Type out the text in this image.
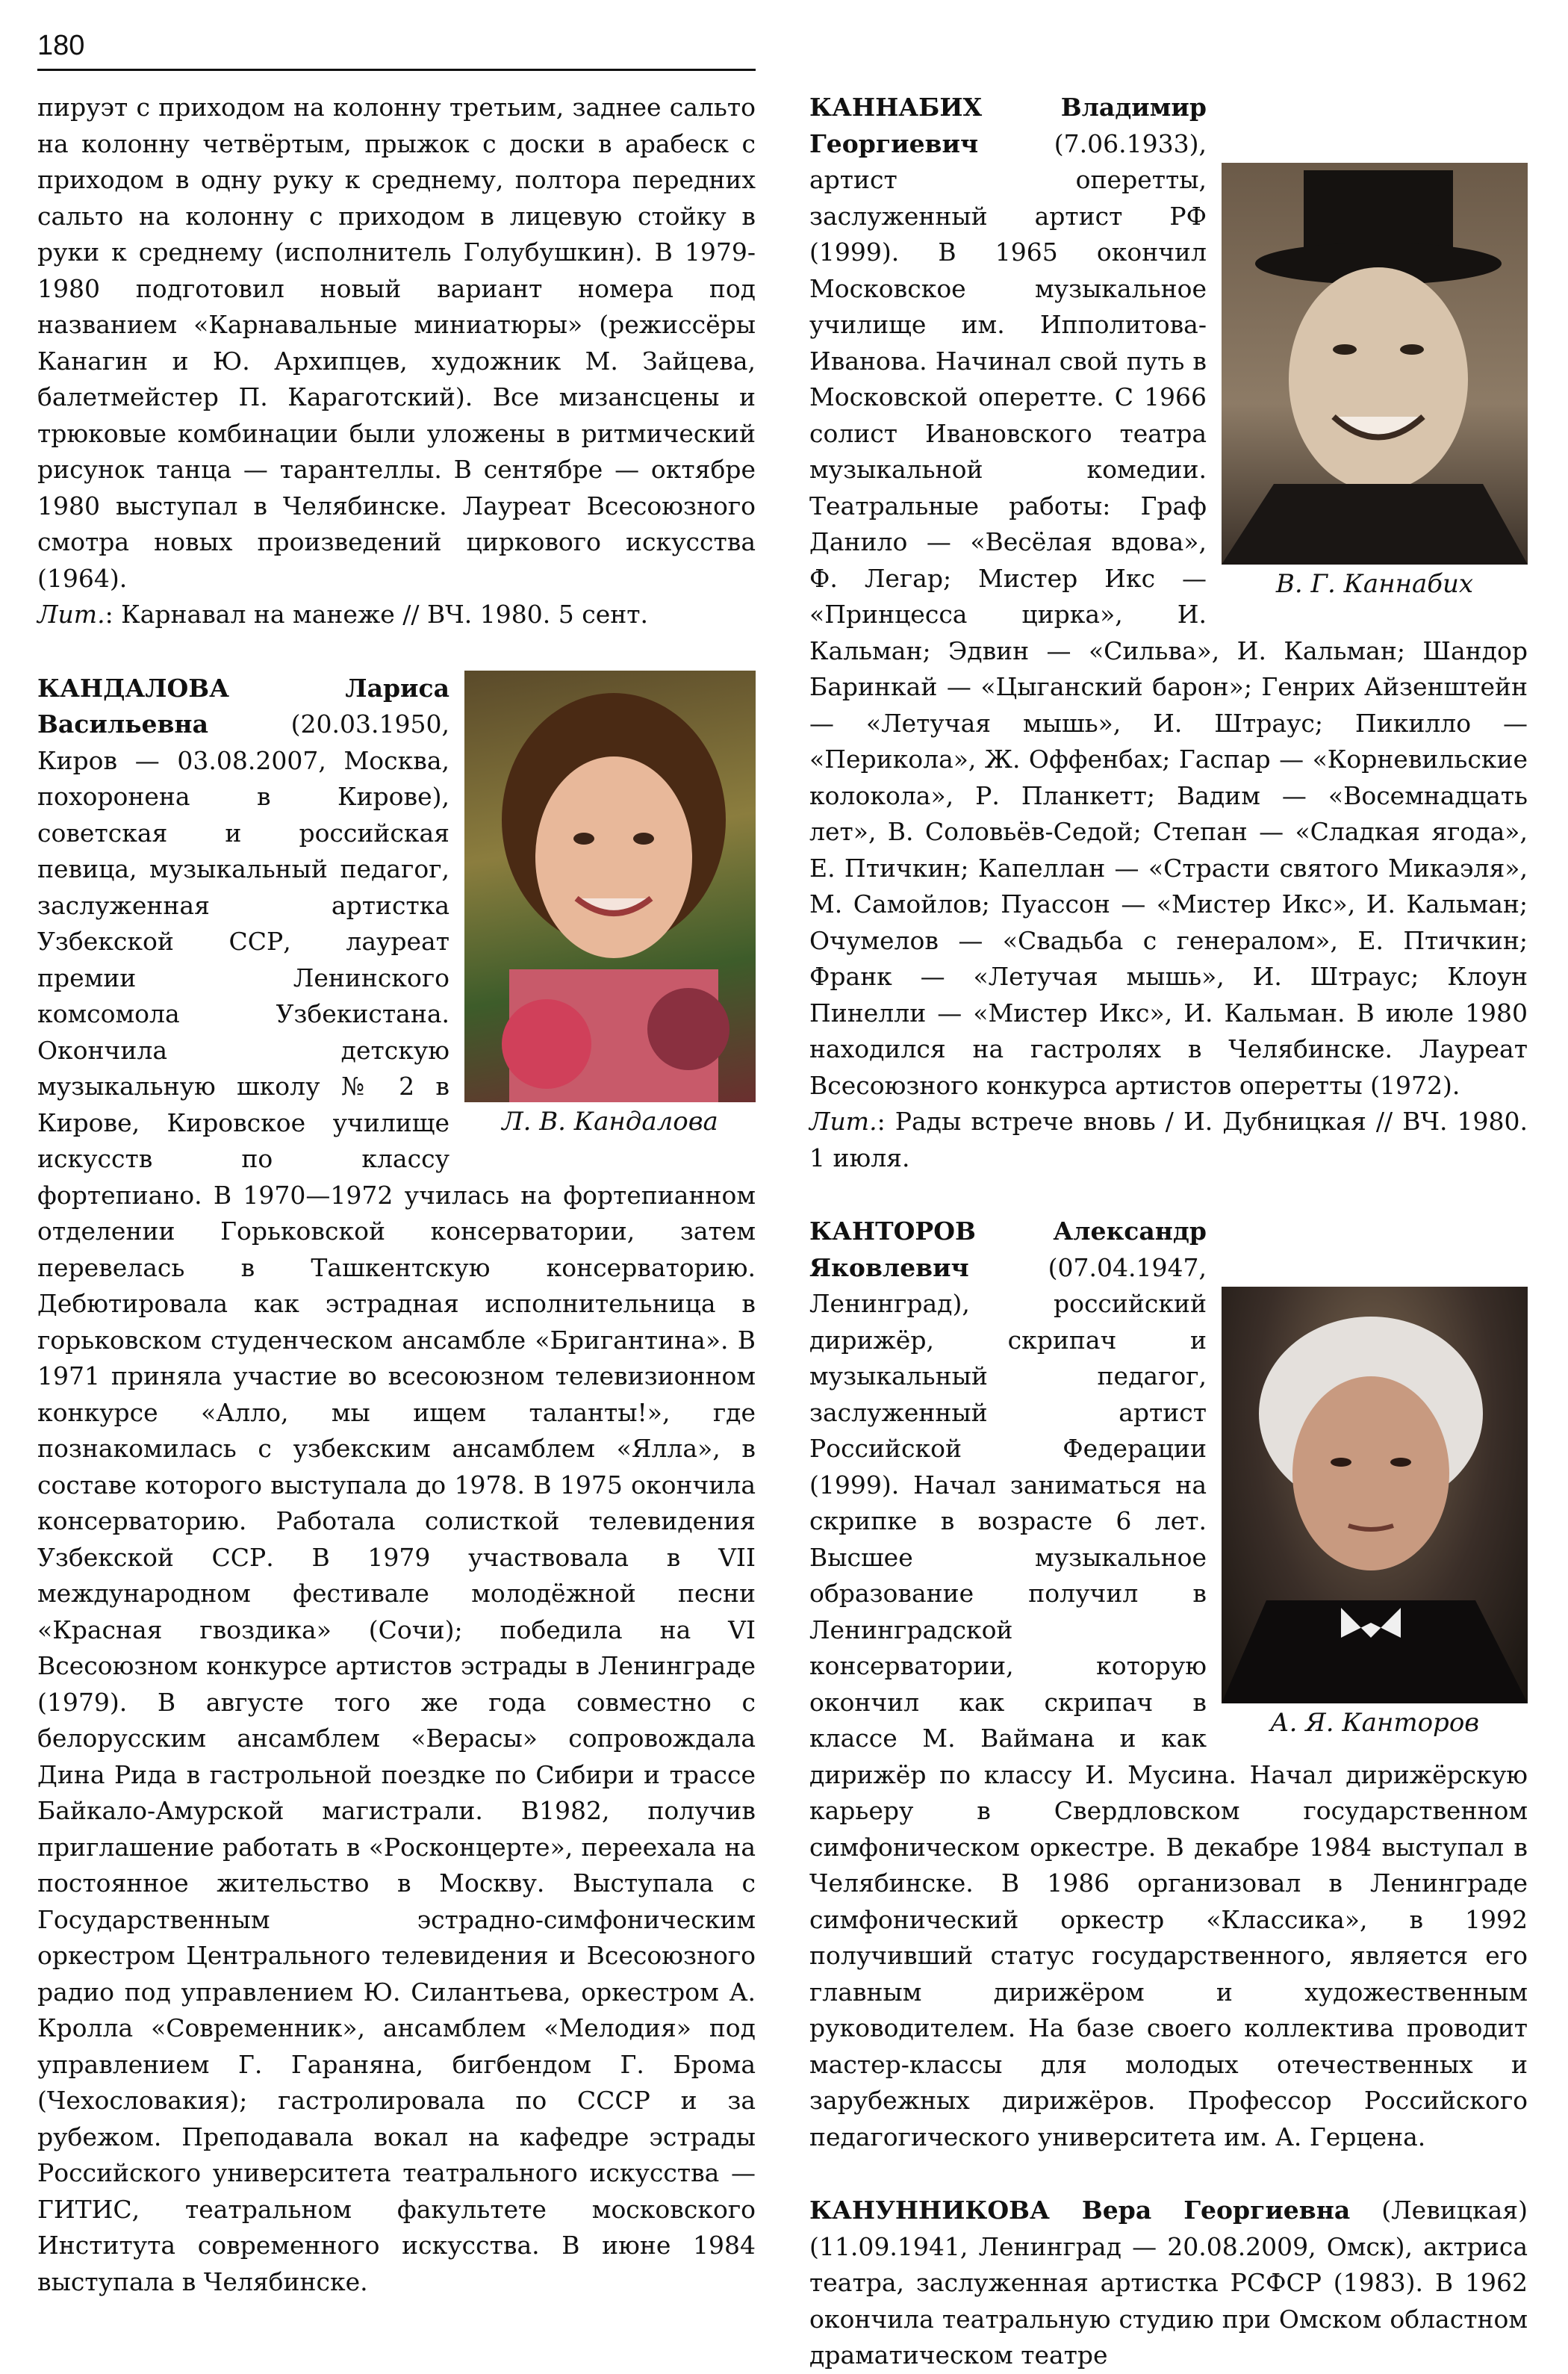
180

пируэт с приходом на колонну третьим, заднее сальто на колонну четвёртым, прыжок с доски в арабеск с приходом в одну руку к среднему, полтора передних сальто на колонну с приходом в лицевую стойку в руки к среднему (исполнитель Голубушкин). В 1979-1980 подготовил новый вариант номера под названием «Карнавальные миниатюры» (режиссёры Канагин и Ю. Архипцев, художник М. Зайцева, балетмейстер П. Караготский). Все мизансцены и трюковые комбинации были уложены в ритмический рисунок танца — тарантеллы. В сентябре — октябре 1980 выступал в Челябинске. Лауреат Всесоюзного смотра новых произведений циркового искусства (1964).

Лит.: Карнавал на манеже // ВЧ. 1980. 5 сент.

Л. В. Кандалова
КАНДАЛОВА Лариса Васильевна (20.03.1950, Киров — 03.08.2007, Москва, похоронена в Кирове), советская и российская певица, музыкальный педагог, заслуженная артистка Узбекской ССР, лауреат премии Ленинского комсомола Узбекистана. Окончила детскую музыкальную школу № 2 в Кирове, Кировское училище искусств по классу фортепиано. В 1970—1972 училась на фортепианном отделении Горьковской консерватории, затем перевелась в Ташкентскую консерваторию. Дебютировала как эстрадная исполнительница в горьковском студенческом ансамбле «Бригантина». В 1971 приняла участие во всесоюзном телевизионном конкурсе «Алло, мы ищем таланты!», где познакомилась с узбекским ансамблем «Ялла», в составе которого выступала до 1978. В 1975 окончила консерваторию. Работала солисткой телевидения Узбекской ССР. В 1979 участвовала в VII международном фестивале молодёжной песни «Красная гвоздика» (Сочи); победила на VI Всесоюзном конкурсе артистов эстрады в Ленинграде (1979). В августе того же года совместно с белорусским ансамблем «Верасы» сопровождала Дина Рида в гастрольной поездке по Сибири и трассе Байкало-Амурской магистрали. В1982, получив приглашение работать в «Росконцерте», переехала на постоянное жительство в Москву. Выступала с Государственным эстрадно-симфоническим оркестром Центрального телевидения и Всесоюзного радио под управлением Ю. Силантьева, оркестром А. Кролла «Современник», ансамблем «Мелодия» под управлением Г. Гараняна, бигбендом Г. Брома (Чехословакия); гастролировала по СССР и за рубежом. Преподавала вокал на кафедре эстрады Российского университета театрального искусства — ГИТИС, театральном факультете московского Института современного искусства. В июне 1984 выступала в Челябинске.

В. Г. Каннабих
КАННАБИХ Владимир Георгиевич (7.06.1933), артист оперетты, заслуженный артист РФ (1999). В 1965 окончил Московское музыкальное училище им. Ипполитова-Иванова. Начинал свой путь в Московской оперетте. С 1966 солист Ивановского театра музыкальной комедии. Театральные работы: Граф Данило — «Весёлая вдова», Ф. Легар; Мистер Икс — «Принцесса цирка», И. Кальман; Эдвин — «Сильва», И. Кальман; Шандор Баринкай — «Цыганский барон»; Генрих Айзенштейн — «Летучая мышь», И. Штраус; Пикилло — «Перикола», Ж. Оффенбах; Гаспар — «Корневильские колокола», Р. Планкетт; Вадим — «Восемнадцать лет», В. Соловьёв-Седой; Степан — «Сладкая ягода», Е. Птичкин; Капеллан — «Страсти святого Микаэля», М. Самойлов; Пуассон — «Мистер Икс», И. Кальман; Очумелов — «Свадьба с генералом», Е. Птичкин; Франк — «Летучая мышь», И. Штраус; Клоун Пинелли — «Мистер Икс», И. Кальман. В июле 1980 находился на гастролях в Челябинске. Лауреат Всесоюзного конкурса артистов оперетты (1972).

Лит.: Рады встрече вновь / И. Дубницкая // ВЧ. 1980. 1 июля.

А. Я. Канторов
КАНТОРОВ Александр Яковлевич (07.04.1947, Ленинград), российский дирижёр, скрипач и музыкальный педагог, заслуженный артист Российской Федерации (1999). Начал заниматься на скрипке в возрасте 6 лет. Высшее музыкальное образование получил в Ленинградской консерватории, которую окончил как скрипач в классе М. Ваймана и как дирижёр по классу И. Мусина. Начал дирижёрскую карьеру в Свердловском государственном симфоническом оркестре. В декабре 1984 выступал в Челябинске. В 1986 организовал в Ленинграде симфонический оркестр «Классика», в 1992 получивший статус государственного, является его главным дирижёром и художественным руководителем. На базе своего коллектива проводит мастер-классы для молодых отечественных и зарубежных дирижёров. Профессор Российского педагогического университета им. А. Герцена.

КАНУННИКОВА Вера Георгиевна (Левицкая) (11.09.1941, Ленинград — 20.08.2009, Омск), актриса театра, заслуженная артистка РСФСР (1983). В 1962 окончила театральную студию при Омском областном драматическом театре
